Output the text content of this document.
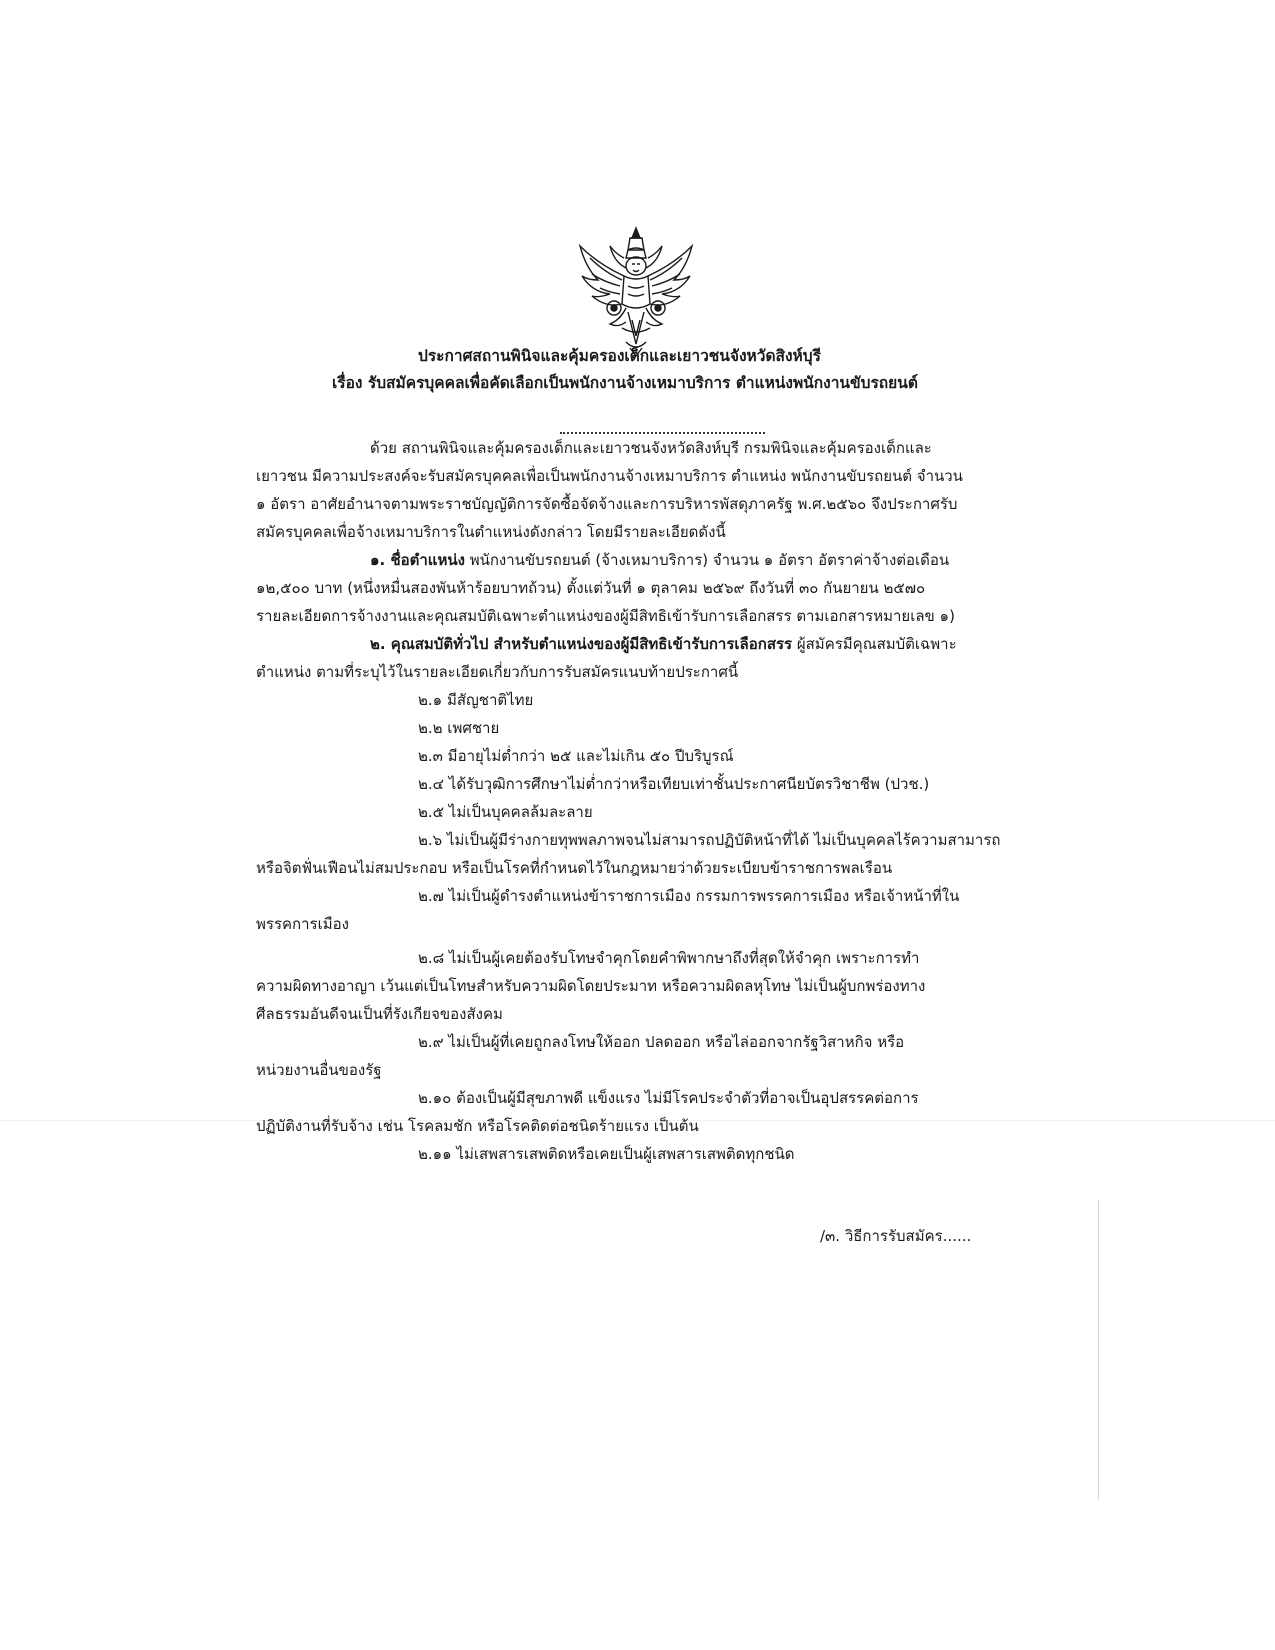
ประกาศสถานพินิจและคุ้มครองเด็กและเยาวชนจังหวัดสิงห์บุรี
เรื่อง รับสมัครบุคคลเพื่อคัดเลือกเป็นพนักงานจ้างเหมาบริการ ตำแหน่งพนักงานขับรถยนต์
ด้วย สถานพินิจและคุ้มครองเด็กและเยาวชนจังหวัดสิงห์บุรี กรมพินิจและคุ้มครองเด็กและ
เยาวชน มีความประสงค์จะรับสมัครบุคคลเพื่อเป็นพนักงานจ้างเหมาบริการ ตำแหน่ง พนักงานขับรถยนต์ จำนวน
๑ อัตรา อาศัยอำนาจตามพระราชบัญญัติการจัดซื้อจัดจ้างและการบริหารพัสดุภาครัฐ พ.ศ.๒๕๖๐ จึงประกาศรับ
สมัครบุคคลเพื่อจ้างเหมาบริการในตำแหน่งดังกล่าว โดยมีรายละเอียดดังนี้
๑. ชื่อตำแหน่ง พนักงานขับรถยนต์ (จ้างเหมาบริการ) จำนวน ๑ อัตรา อัตราค่าจ้างต่อเดือน
๑๒,๕๐๐ บาท (หนึ่งหมื่นสองพันห้าร้อยบาทถ้วน) ตั้งแต่วันที่ ๑ ตุลาคม ๒๕๖๙ ถึงวันที่ ๓๐ กันยายน ๒๕๗๐
รายละเอียดการจ้างงานและคุณสมบัติเฉพาะตำแหน่งของผู้มีสิทธิเข้ารับการเลือกสรร ตามเอกสารหมายเลข ๑)
๒. คุณสมบัติทั่วไป สำหรับตำแหน่งของผู้มีสิทธิเข้ารับการเลือกสรร ผู้สมัครมีคุณสมบัติเฉพาะ
ตำแหน่ง ตามที่ระบุไว้ในรายละเอียดเกี่ยวกับการรับสมัครแนบท้ายประกาศนี้
๒.๑ มีสัญชาติไทย
๒.๒ เพศชาย
๒.๓ มีอายุไม่ต่ำกว่า ๒๕ และไม่เกิน ๕๐ ปีบริบูรณ์
๒.๔ ได้รับวุฒิการศึกษาไม่ต่ำกว่าหรือเทียบเท่าชั้นประกาศนียบัตรวิชาชีพ (ปวช.)
๒.๕ ไม่เป็นบุคคลล้มละลาย
๒.๖ ไม่เป็นผู้มีร่างกายทุพพลภาพจนไม่สามารถปฏิบัติหน้าที่ได้ ไม่เป็นบุคคลไร้ความสามารถ
หรือจิตฟั่นเฟือนไม่สมประกอบ หรือเป็นโรคที่กำหนดไว้ในกฎหมายว่าด้วยระเบียบข้าราชการพลเรือน
๒.๗ ไม่เป็นผู้ดำรงตำแหน่งข้าราชการเมือง กรรมการพรรคการเมือง หรือเจ้าหน้าที่ใน
พรรคการเมือง
๒.๘ ไม่เป็นผู้เคยต้องรับโทษจำคุกโดยคำพิพากษาถึงที่สุดให้จำคุก เพราะการทำ
ความผิดทางอาญา เว้นแต่เป็นโทษสำหรับความผิดโดยประมาท หรือความผิดลหุโทษ ไม่เป็นผู้บกพร่องทาง
ศีลธรรมอันดีจนเป็นที่รังเกียจของสังคม
๒.๙ ไม่เป็นผู้ที่เคยถูกลงโทษให้ออก ปลดออก หรือไล่ออกจากรัฐวิสาหกิจ หรือ
หน่วยงานอื่นของรัฐ
๒.๑๐ ต้องเป็นผู้มีสุขภาพดี แข็งแรง ไม่มีโรคประจำตัวที่อาจเป็นอุปสรรคต่อการ
ปฏิบัติงานที่รับจ้าง เช่น โรคลมชัก หรือโรคติดต่อชนิดร้ายแรง เป็นต้น
๒.๑๑ ไม่เสพสารเสพติดหรือเคยเป็นผู้เสพสารเสพติดทุกชนิด
/๓. วิธีการรับสมัคร......
